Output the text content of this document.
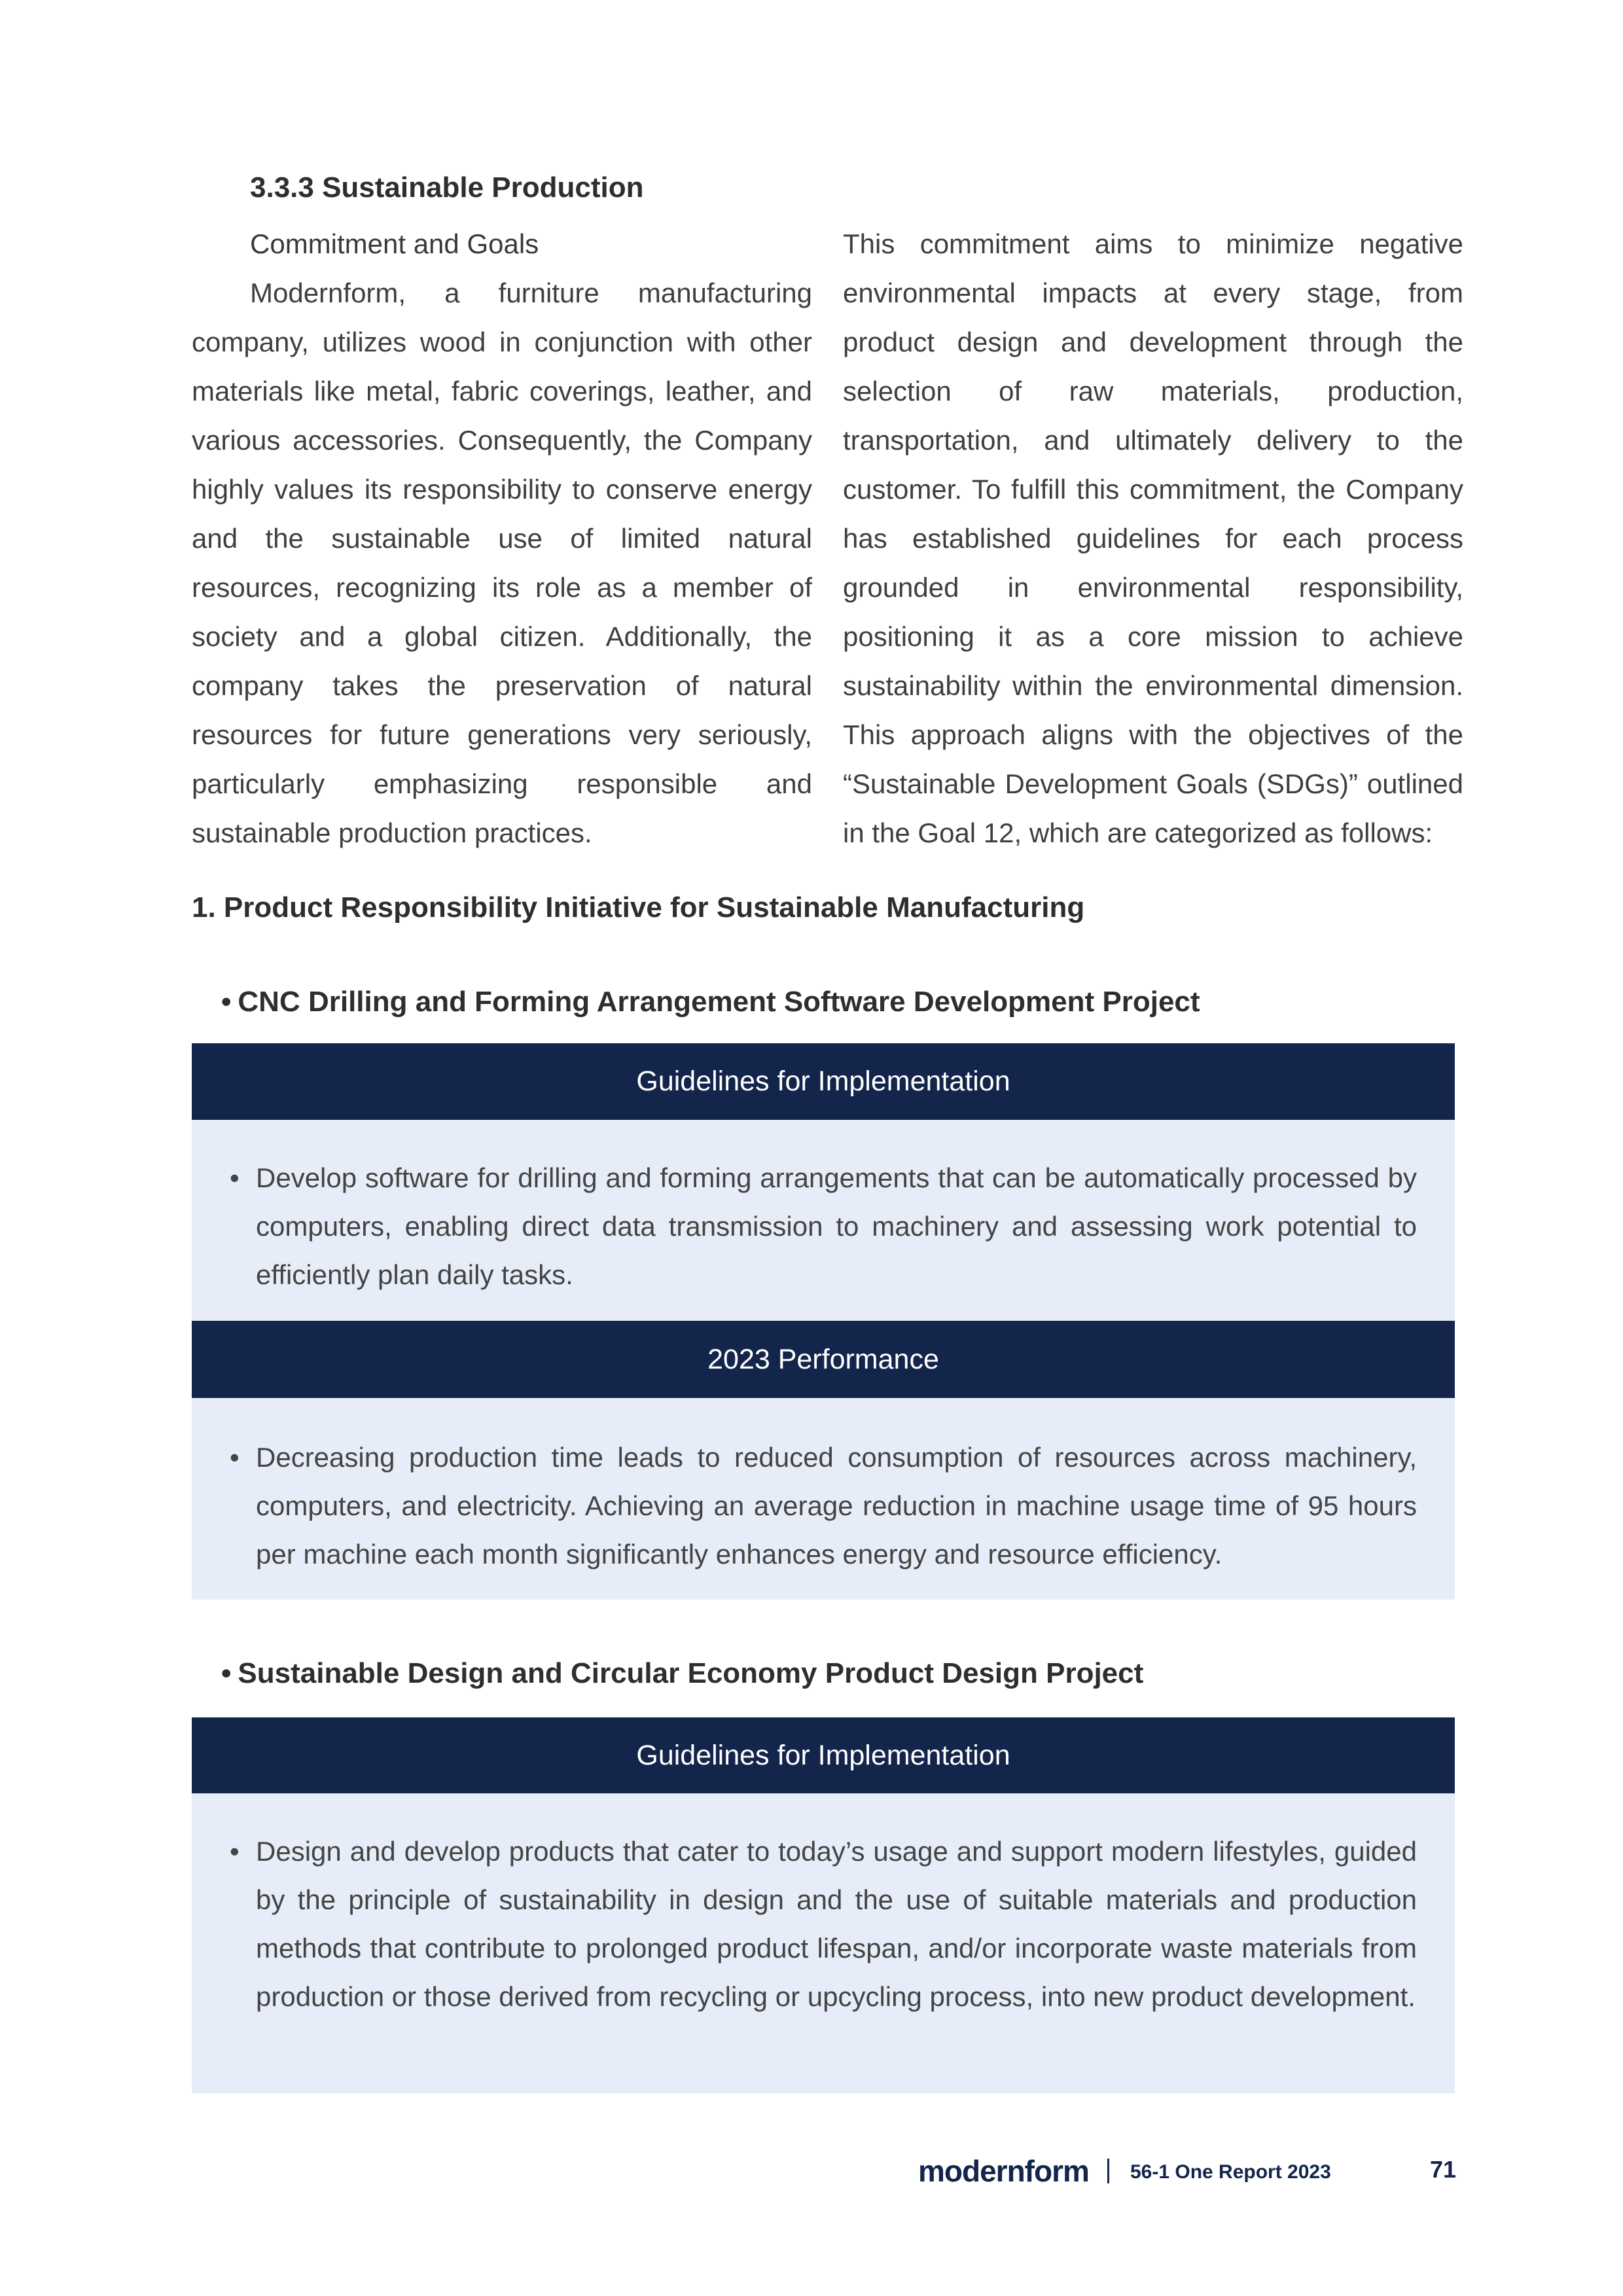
3.3.3 Sustainable Production

Commitment and Goals

Modernform, a furniture manufacturing company, utilizes wood in conjunction with other materials like metal, fabric coverings, leather, and various accessories. Consequently, the Company highly values its responsibility to conserve energy and the sustainable use of limited natural resources, recognizing its role as a member of society and a global citizen. Additionally, the company takes the preservation of natural resources for future generations very seriously, particularly emphasizing responsible and sustainable production practices.

This commitment aims to minimize negative environmental impacts at every stage, from product design and development through the selection of raw materials, production, transportation, and ultimately delivery to the customer. To fulfill this commitment, the Company has established guidelines for each process grounded in environmental responsibility, positioning it as a core mission to achieve sustainability within the environmental dimension. This approach aligns with the objectives of the “Sustainable Development Goals (SDGs)” outlined in the Goal 12, which are categorized as follows:

1. Product Responsibility Initiative for Sustainable Manufacturing
• CNC Drilling and Forming Arrangement Software Development Project
Guidelines for Implementation
• Develop software for drilling and forming arrangements that can be automatically processed by computers, enabling direct data transmission to machinery and assessing work potential to efficiently plan daily tasks.
2023 Performance
• Decreasing production time leads to reduced consumption of resources across machinery, computers, and electricity. Achieving an average reduction in machine usage time of 95 hours per machine each month significantly enhances energy and resource efficiency.
• Sustainable Design and Circular Economy Product Design Project
Guidelines for Implementation
• Design and develop products that cater to today’s usage and support modern lifestyles, guided by the principle of sustainability in design and the use of suitable materials and production methods that contribute to prolonged product lifespan, and/or incorporate waste materials from production or those derived from recycling or upcycling process, into new product development.
modernform 56-1 One Report 2023	71
